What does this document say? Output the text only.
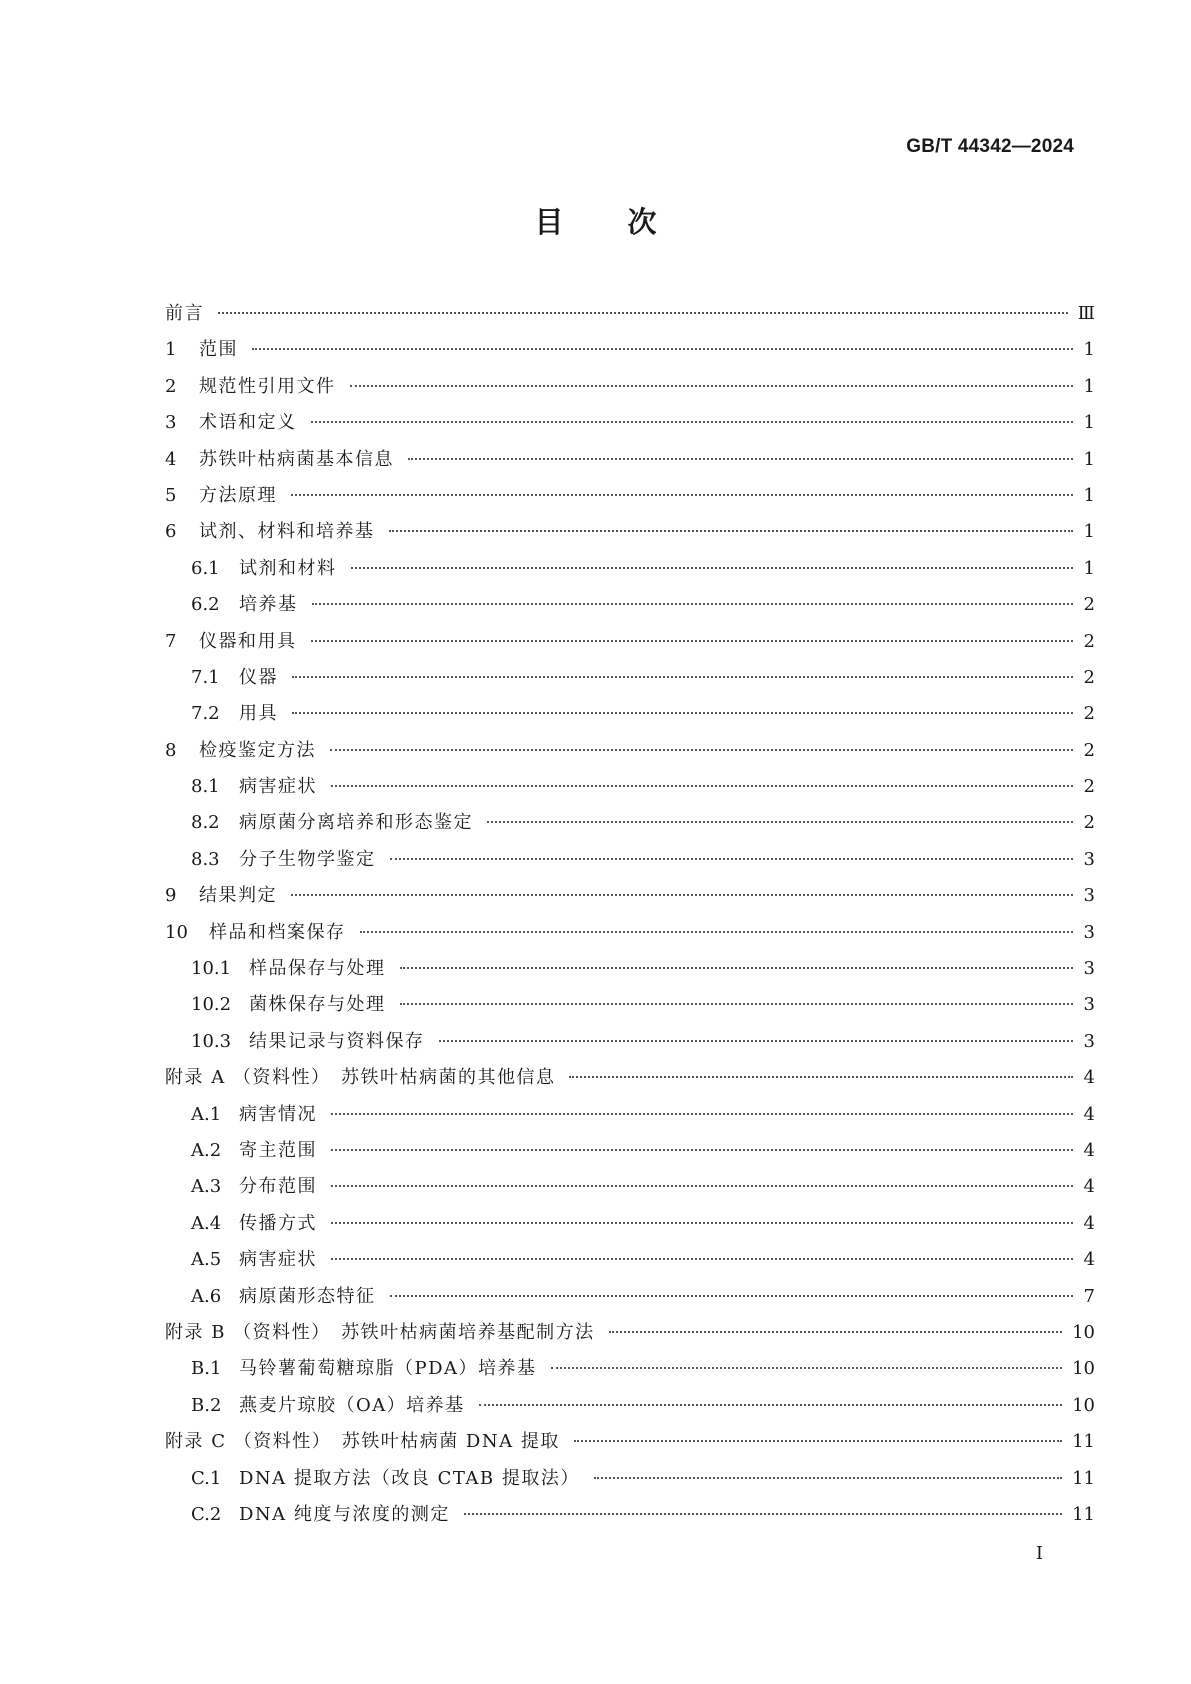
GB/T 44342—2024
目次
前言	Ⅲ
1	范围	1
2	规范性引用文件	1
3	术语和定义	1
4	苏铁叶枯病菌基本信息	1
5	方法原理	1
6	试剂、材料和培养基	1
6.1	试剂和材料	1
6.2	培养基	2
7	仪器和用具	2
7.1	仪器	2
7.2	用具	2
8	检疫鉴定方法	2
8.1	病害症状	2
8.2	病原菌分离培养和形态鉴定	2
8.3	分子生物学鉴定	3
9	结果判定	3
10	样品和档案保存	3
10.1 样品保存与处理	3
10.2 菌株保存与处理	3
10.3 结果记录与资料保存	3
附录 A （资料性）　苏铁叶枯病菌的其他信息	4
A.1 病害情况	4
A.2 寄主范围	4
A.3 分布范围	4
A.4 传播方式	4
A.5 病害症状	4
A.6 病原菌形态特征	7
附录 B （资料性）　苏铁叶枯病菌培养基配制方法	10
B.1 马铃薯葡萄糖琼脂（PDA）培养基	10
B.2 燕麦片琼胶（OA）培养基	10
附录 C （资料性）　苏铁叶枯病菌 DNA 提取	11
C.1 DNA 提取方法（改良 CTAB 提取法）	11
C.2 DNA 纯度与浓度的测定	11
I
